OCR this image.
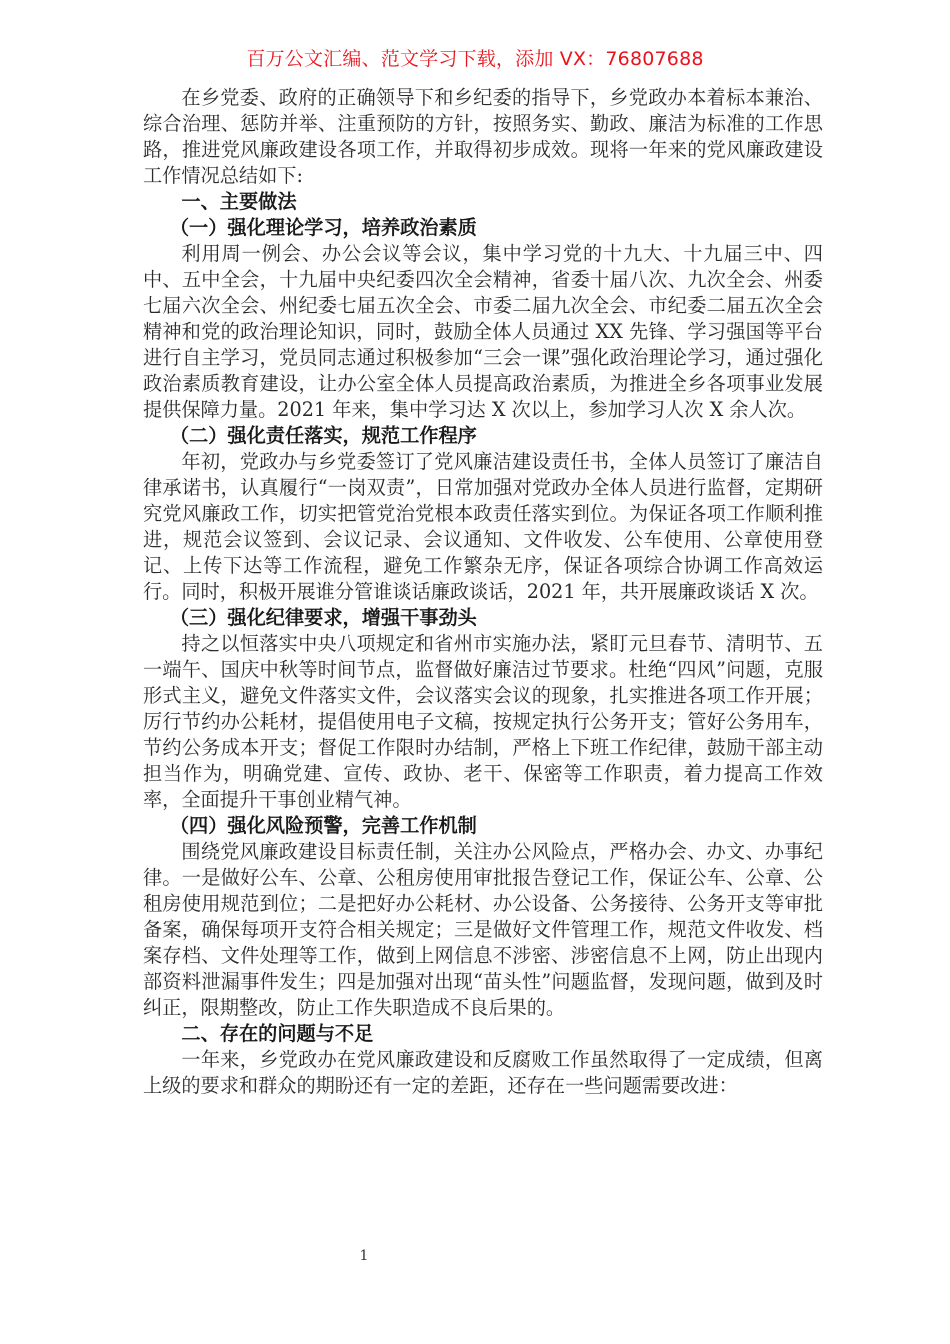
百万公文汇编、范文学习下载，添加 VX：76807688

在乡党委、政府的正确领导下和乡纪委的指导下，乡党政办本着标本兼治、综合治理、惩防并举、注重预防的方针，按照务实、勤政、廉洁为标准的工作思路，推进党风廉政建设各项工作，并取得初步成效。现将一年来的党风廉政建设工作情况总结如下:

一、主要做法
（一）强化理论学习，培养政治素质

利用周一例会、办公会议等会议，集中学习党的十九大、十九届三中、四中、五中全会，十九届中央纪委四次全会精神，省委十届八次、九次全会、州委七届六次全会、州纪委七届五次全会、市委二届九次全会、市纪委二届五次全会精神和党的政治理论知识，同时，鼓励全体人员通过 XX 先锋、学习强国等平台进行自主学习，党员同志通过积极参加“三会一课”强化政治理论学习，通过强化政治素质教育建设，让办公室全体人员提高政治素质，为推进全乡各项事业发展提供保障力量。2021 年来，集中学习达 X 次以上，参加学习人次 X 余人次。

（二）强化责任落实，规范工作程序

年初，党政办与乡党委签订了党风廉洁建设责任书，全体人员签订了廉洁自律承诺书，认真履行“一岗双责”，日常加强对党政办全体人员进行监督，定期研究党风廉政工作，切实把管党治党根本政责任落实到位。为保证各项工作顺利推进，规范会议签到、会议记录、会议通知、文件收发、公车使用、公章使用登记、上传下达等工作流程，避免工作繁杂无序，保证各项综合协调工作高效运行。同时，积极开展谁分管谁谈话廉政谈话，2021 年，共开展廉政谈话 X 次。

（三）强化纪律要求，增强干事劲头

持之以恒落实中央八项规定和省州市实施办法，紧盯元旦春节、清明节、五一端午、国庆中秋等时间节点，监督做好廉洁过节要求。杜绝“四风”问题，克服形式主义，避免文件落实文件，会议落实会议的现象，扎实推进各项工作开展；厉行节约办公耗材，提倡使用电子文稿，按规定执行公务开支；管好公务用车，节约公务成本开支；督促工作限时办结制，严格上下班工作纪律，鼓励干部主动担当作为，明确党建、宣传、政协、老干、保密等工作职责，着力提高工作效率，全面提升干事创业精气神。

（四）强化风险预警，完善工作机制

围绕党风廉政建设目标责任制，关注办公风险点，严格办会、办文、办事纪律。一是做好公车、公章、公租房使用审批报告登记工作，保证公车、公章、公租房使用规范到位；二是把好办公耗材、办公设备、公务接待、公务开支等审批备案，确保每项开支符合相关规定；三是做好文件管理工作，规范文件收发、档案存档、文件处理等工作，做到上网信息不涉密、涉密信息不上网，防止出现内部资料泄漏事件发生；四是加强对出现“苗头性”问题监督，发现问题，做到及时纠正，限期整改，防止工作失职造成不良后果的。

二、存在的问题与不足

一年来，乡党政办在党风廉政建设和反腐败工作虽然取得了一定成绩，但离上级的要求和群众的期盼还有一定的差距，还存在一些问题需要改进：

1
